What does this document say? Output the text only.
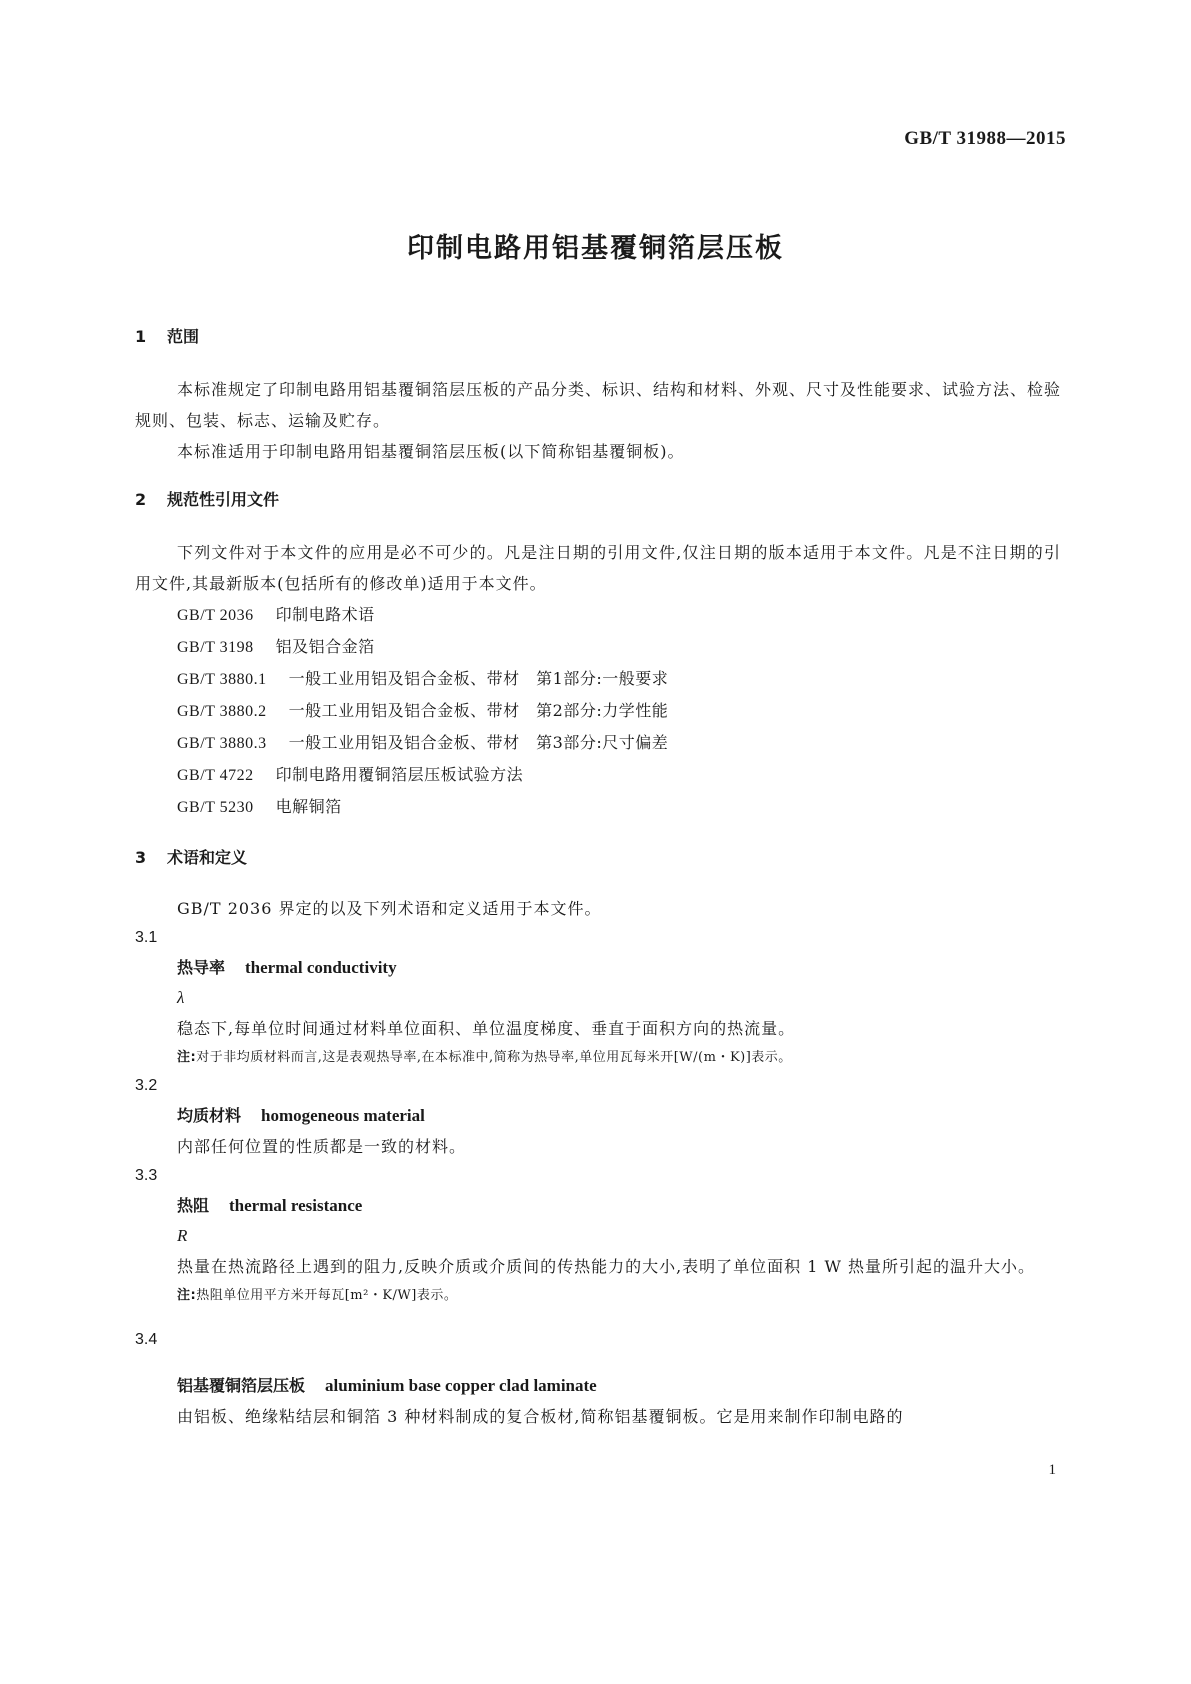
GB/T 31988—2015
印制电路用铝基覆铜箔层压板
1 范围

本标准规定了印制电路用铝基覆铜箔层压板的产品分类、标识、结构和材料、外观、尺寸及性能要求、试验方法、检验规则、包装、标志、运输及贮存。

本标准适用于印制电路用铝基覆铜箔层压板(以下简称铝基覆铜板)。

2 规范性引用文件

下列文件对于本文件的应用是必不可少的。凡是注日期的引用文件,仅注日期的版本适用于本文件。凡是不注日期的引用文件,其最新版本(包括所有的修改单)适用于本文件。

GB/T 2036 印制电路术语
GB/T 3198 铝及铝合金箔
GB/T 3880.1 一般工业用铝及铝合金板、带材　第1部分:一般要求
GB/T 3880.2 一般工业用铝及铝合金板、带材　第2部分:力学性能
GB/T 3880.3 一般工业用铝及铝合金板、带材　第3部分:尺寸偏差
GB/T 4722 印制电路用覆铜箔层压板试验方法
GB/T 5230 电解铜箔
3 术语和定义

GB/T 2036 界定的以及下列术语和定义适用于本文件。

3.1
热导率 thermal conductivity
λ
稳态下,每单位时间通过材料单位面积、单位温度梯度、垂直于面积方向的热流量。
注:对于非均质材料而言,这是表观热导率,在本标准中,简称为热导率,单位用瓦每米开[W/(m・K)]表示。
3.2
均质材料 homogeneous material
内部任何位置的性质都是一致的材料。
3.3
热阻 thermal resistance
R
热量在热流路径上遇到的阻力,反映介质或介质间的传热能力的大小,表明了单位面积 1 W 热量所引起的温升大小。
注:热阻单位用平方米开每瓦[m²・K/W]表示。
3.4
铝基覆铜箔层压板 aluminium base copper clad laminate
由铝板、绝缘粘结层和铜箔 3 种材料制成的复合板材,简称铝基覆铜板。它是用来制作印制电路的
1
